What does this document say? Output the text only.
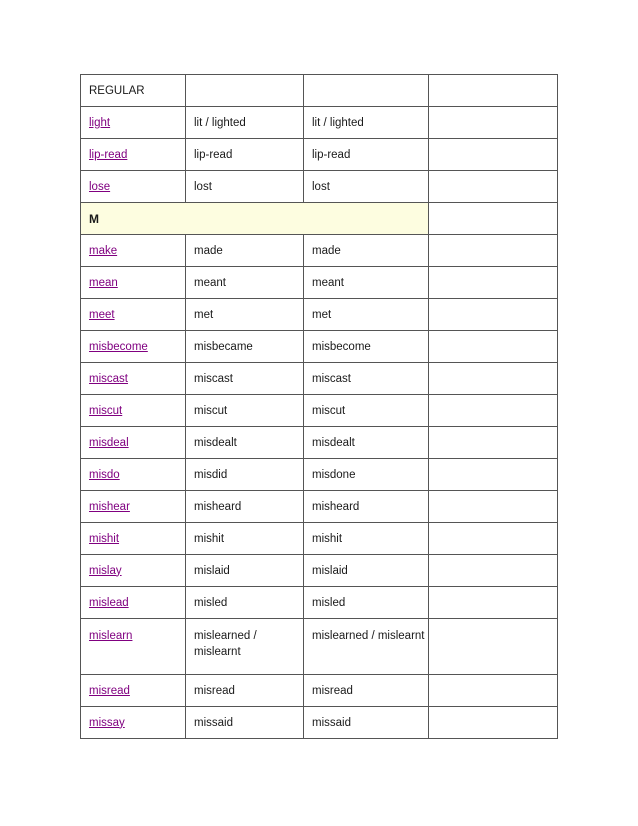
REGULAR			
light	lit / lighted	lit / lighted	
lip-read	lip-read	lip-read	
lose	lost	lost	
M			
make	made	made	
mean	meant	meant	
meet	met	met	
misbecome	misbecame	misbecome	
miscast	miscast	miscast	
miscut	miscut	miscut	
misdeal	misdealt	misdealt	
misdo	misdid	misdone	
mishear	misheard	misheard	
mishit	mishit	mishit	
mislay	mislaid	mislaid	
mislead	misled	misled	
mislearn	mislearned / mislearnt	mislearned / mislearnt	
misread	misread	misread	
missay	missaid	missaid	
